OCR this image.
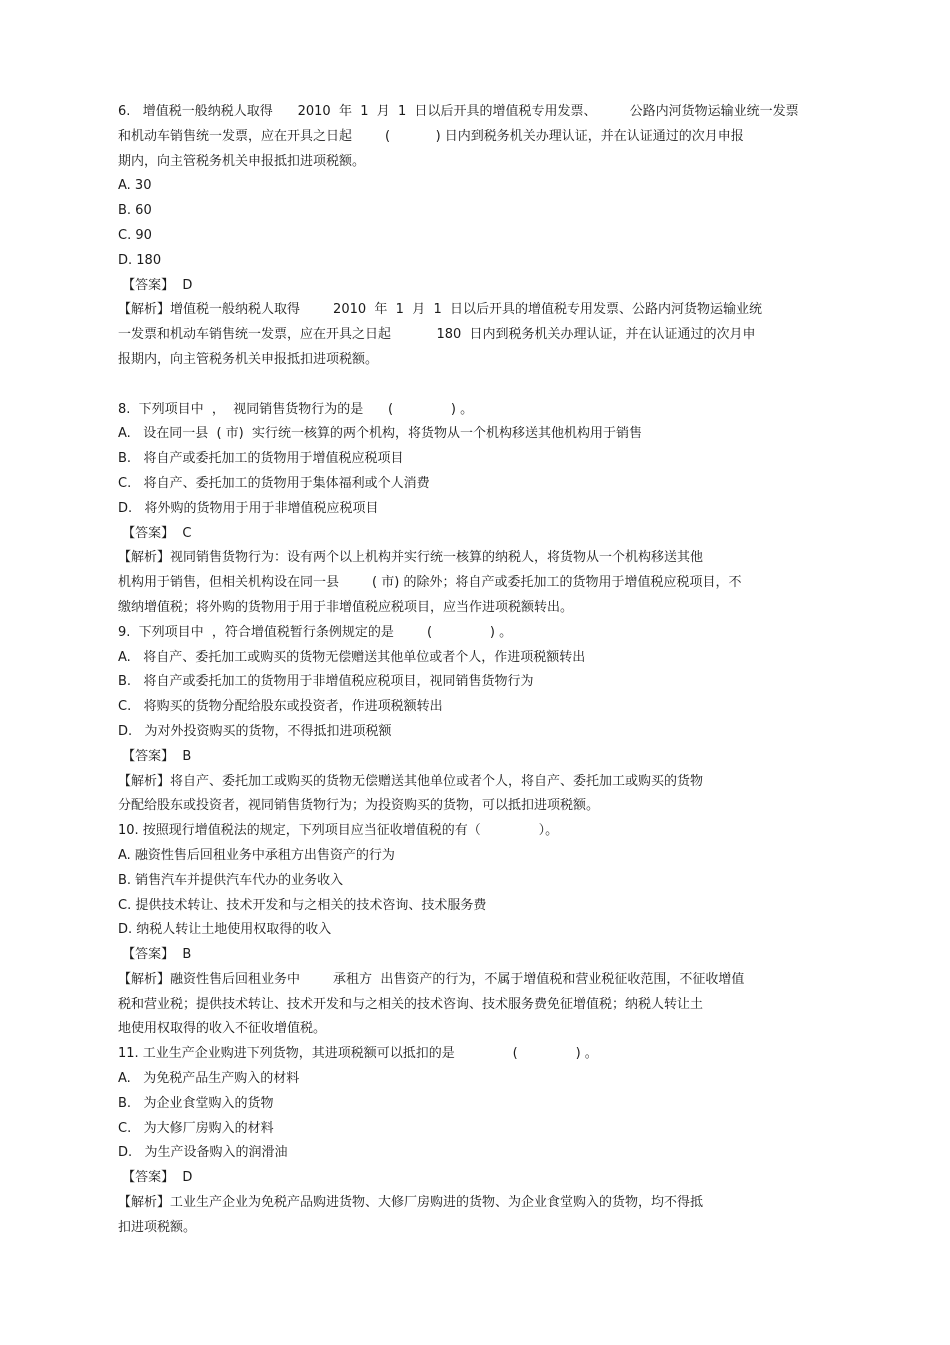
6.   增值税一般纳税人取得      2010  年  1  月  1  日以后开具的增值税专用发票、        公路内河货物运输业统一发票
和机动车销售统一发票，应在开具之日起        (           ) 日内到税务机关办理认证，并在认证通过的次月申报
期内，向主管税务机关申报抵扣进项税额。
A. 30
B. 60
C. 90
D. 180
【答案】  D
【解析】增值税一般纳税人取得        2010  年  1  月  1  日以后开具的增值税专用发票、公路内河货物运输业统
一发票和机动车销售统一发票，应在开具之日起           180  日内到税务机关办理认证，并在认证通过的次月申
报期内，向主管税务机关申报抵扣进项税额。
8.  下列项目中  ，  视同销售货物行为的是      (              ) 。
A.   设在同一县  ( 市)  实行统一核算的两个机构，将货物从一个机构移送其他机构用于销售
B.   将自产或委托加工的货物用于增值税应税项目
C.   将自产、委托加工的货物用于集体福利或个人消费
D.   将外购的货物用于用于非增值税应税项目
【答案】  C
【解析】视同销售货物行为：设有两个以上机构并实行统一核算的纳税人，将货物从一个机构移送其他
机构用于销售，但相关机构设在同一县        ( 市) 的除外；将自产或委托加工的货物用于增值税应税项目，不
缴纳增值税；将外购的货物用于用于非增值税应税项目，应当作进项税额转出。
9.  下列项目中  ，符合增值税暂行条例规定的是        (              ) 。
A.   将自产、委托加工或购买的货物无偿赠送其他单位或者个人，作进项税额转出
B.   将自产或委托加工的货物用于非增值税应税项目，视同销售货物行为
C.   将购买的货物分配给股东或投资者，作进项税额转出
D.   为对外投资购买的货物，不得抵扣进项税额
【答案】  B
【解析】将自产、委托加工或购买的货物无偿赠送其他单位或者个人，将自产、委托加工或购买的货物
分配给股东或投资者，视同销售货物行为；为投资购买的货物，可以抵扣进项税额。
10. 按照现行增值税法的规定，下列项目应当征收增值税的有（              ）。
A. 融资性售后回租业务中承租方出售资产的行为
B. 销售汽车并提供汽车代办的业务收入
C. 提供技术转让、技术开发和与之相关的技术咨询、技术服务费
D. 纳税人转让土地使用权取得的收入
【答案】  B
【解析】融资性售后回租业务中        承租方  出售资产的行为，不属于增值税和营业税征收范围，不征收增值
税和营业税；提供技术转让、技术开发和与之相关的技术咨询、技术服务费免征增值税；纳税人转让土
地使用权取得的收入不征收增值税。
11. 工业生产企业购进下列货物，其进项税额可以抵扣的是              (              ) 。
A.   为免税产品生产购入的材料
B.   为企业食堂购入的货物
C.   为大修厂房购入的材料
D.   为生产设备购入的润滑油
【答案】  D
【解析】工业生产企业为免税产品购进货物、大修厂房购进的货物、为企业食堂购入的货物，均不得抵
扣进项税额。
